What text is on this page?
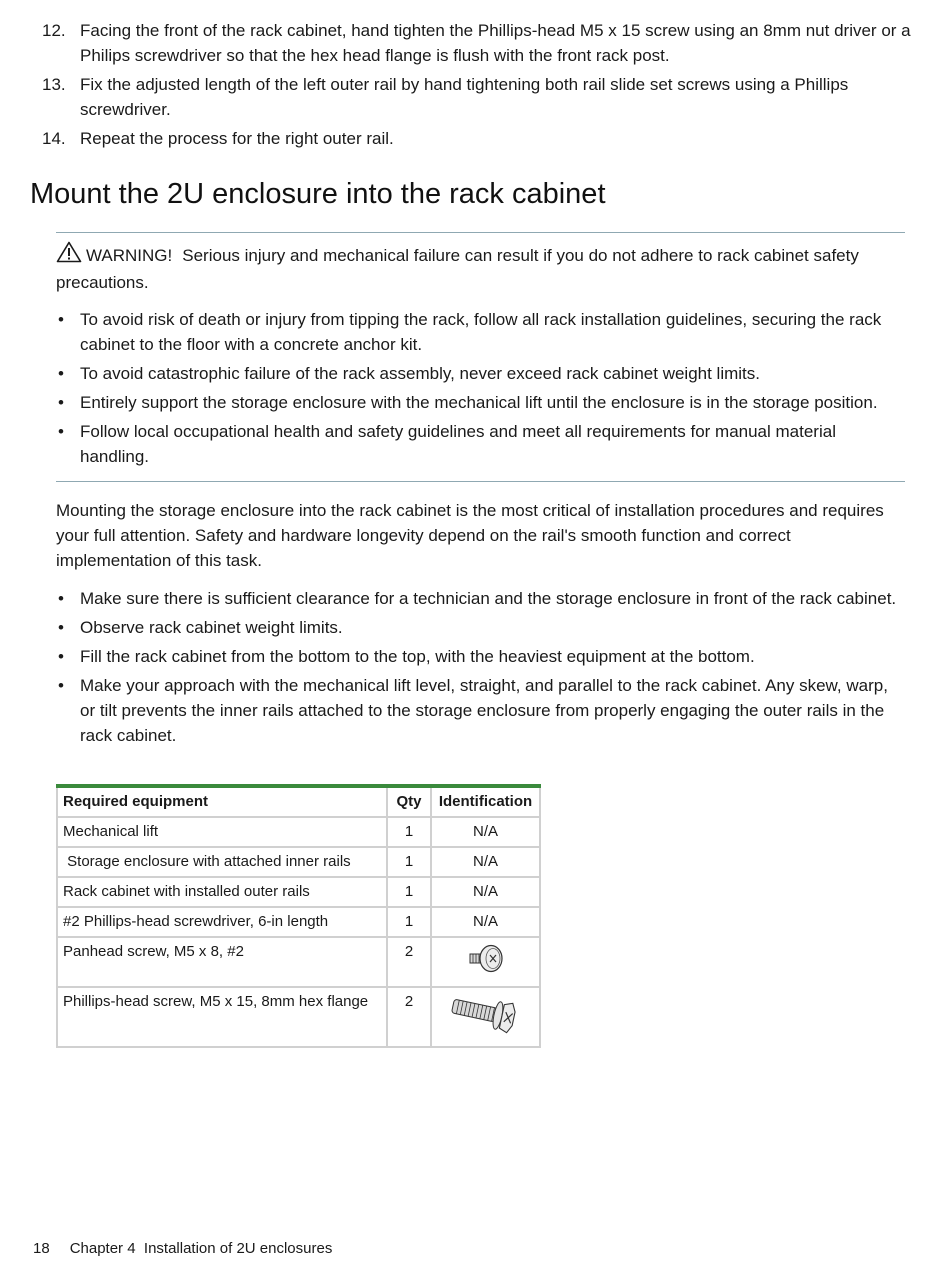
12. Facing the front of the rack cabinet, hand tighten the Phillips-head M5 x 15 screw using an 8mm nut driver or a Philips screwdriver so that the hex head flange is flush with the front rack post.
13. Fix the adjusted length of the left outer rail by hand tightening both rail slide set screws using a Phillips screwdriver.
14. Repeat the process for the right outer rail.
Mount the 2U enclosure into the rack cabinet

WARNING! Serious injury and mechanical failure can result if you do not adhere to rack cabinet safety precautions.

• To avoid risk of death or injury from tipping the rack, follow all rack installation guidelines, securing the rack cabinet to the floor with a concrete anchor kit.
• To avoid catastrophic failure of the rack assembly, never exceed rack cabinet weight limits.
• Entirely support the storage enclosure with the mechanical lift until the enclosure is in the storage position.
• Follow local occupational health and safety guidelines and meet all requirements for manual material handling.

Mounting the storage enclosure into the rack cabinet is the most critical of installation procedures and requires your full attention. Safety and hardware longevity depend on the rail's smooth function and correct implementation of this task.

• Make sure there is sufficient clearance for a technician and the storage enclosure in front of the rack cabinet.
• Observe rack cabinet weight limits.
• Fill the rack cabinet from the bottom to the top, with the heaviest equipment at the bottom.
• Make your approach with the mechanical lift level, straight, and parallel to the rack cabinet. Any skew, warp, or tilt prevents the inner rails attached to the storage enclosure from properly engaging the outer rails in the rack cabinet.
Required equipment	Qty	Identification
Mechanical lift	1	N/A
Storage enclosure with attached inner rails	1	N/A
Rack cabinet with installed outer rails	1	N/A
#2 Phillips-head screwdriver, 6-in length	1	N/A
Panhead screw, M5 x 8, #2	2	
Phillips-head screw, M5 x 15, 8mm hex flange	2	
18 Chapter 4  Installation of 2U enclosures
